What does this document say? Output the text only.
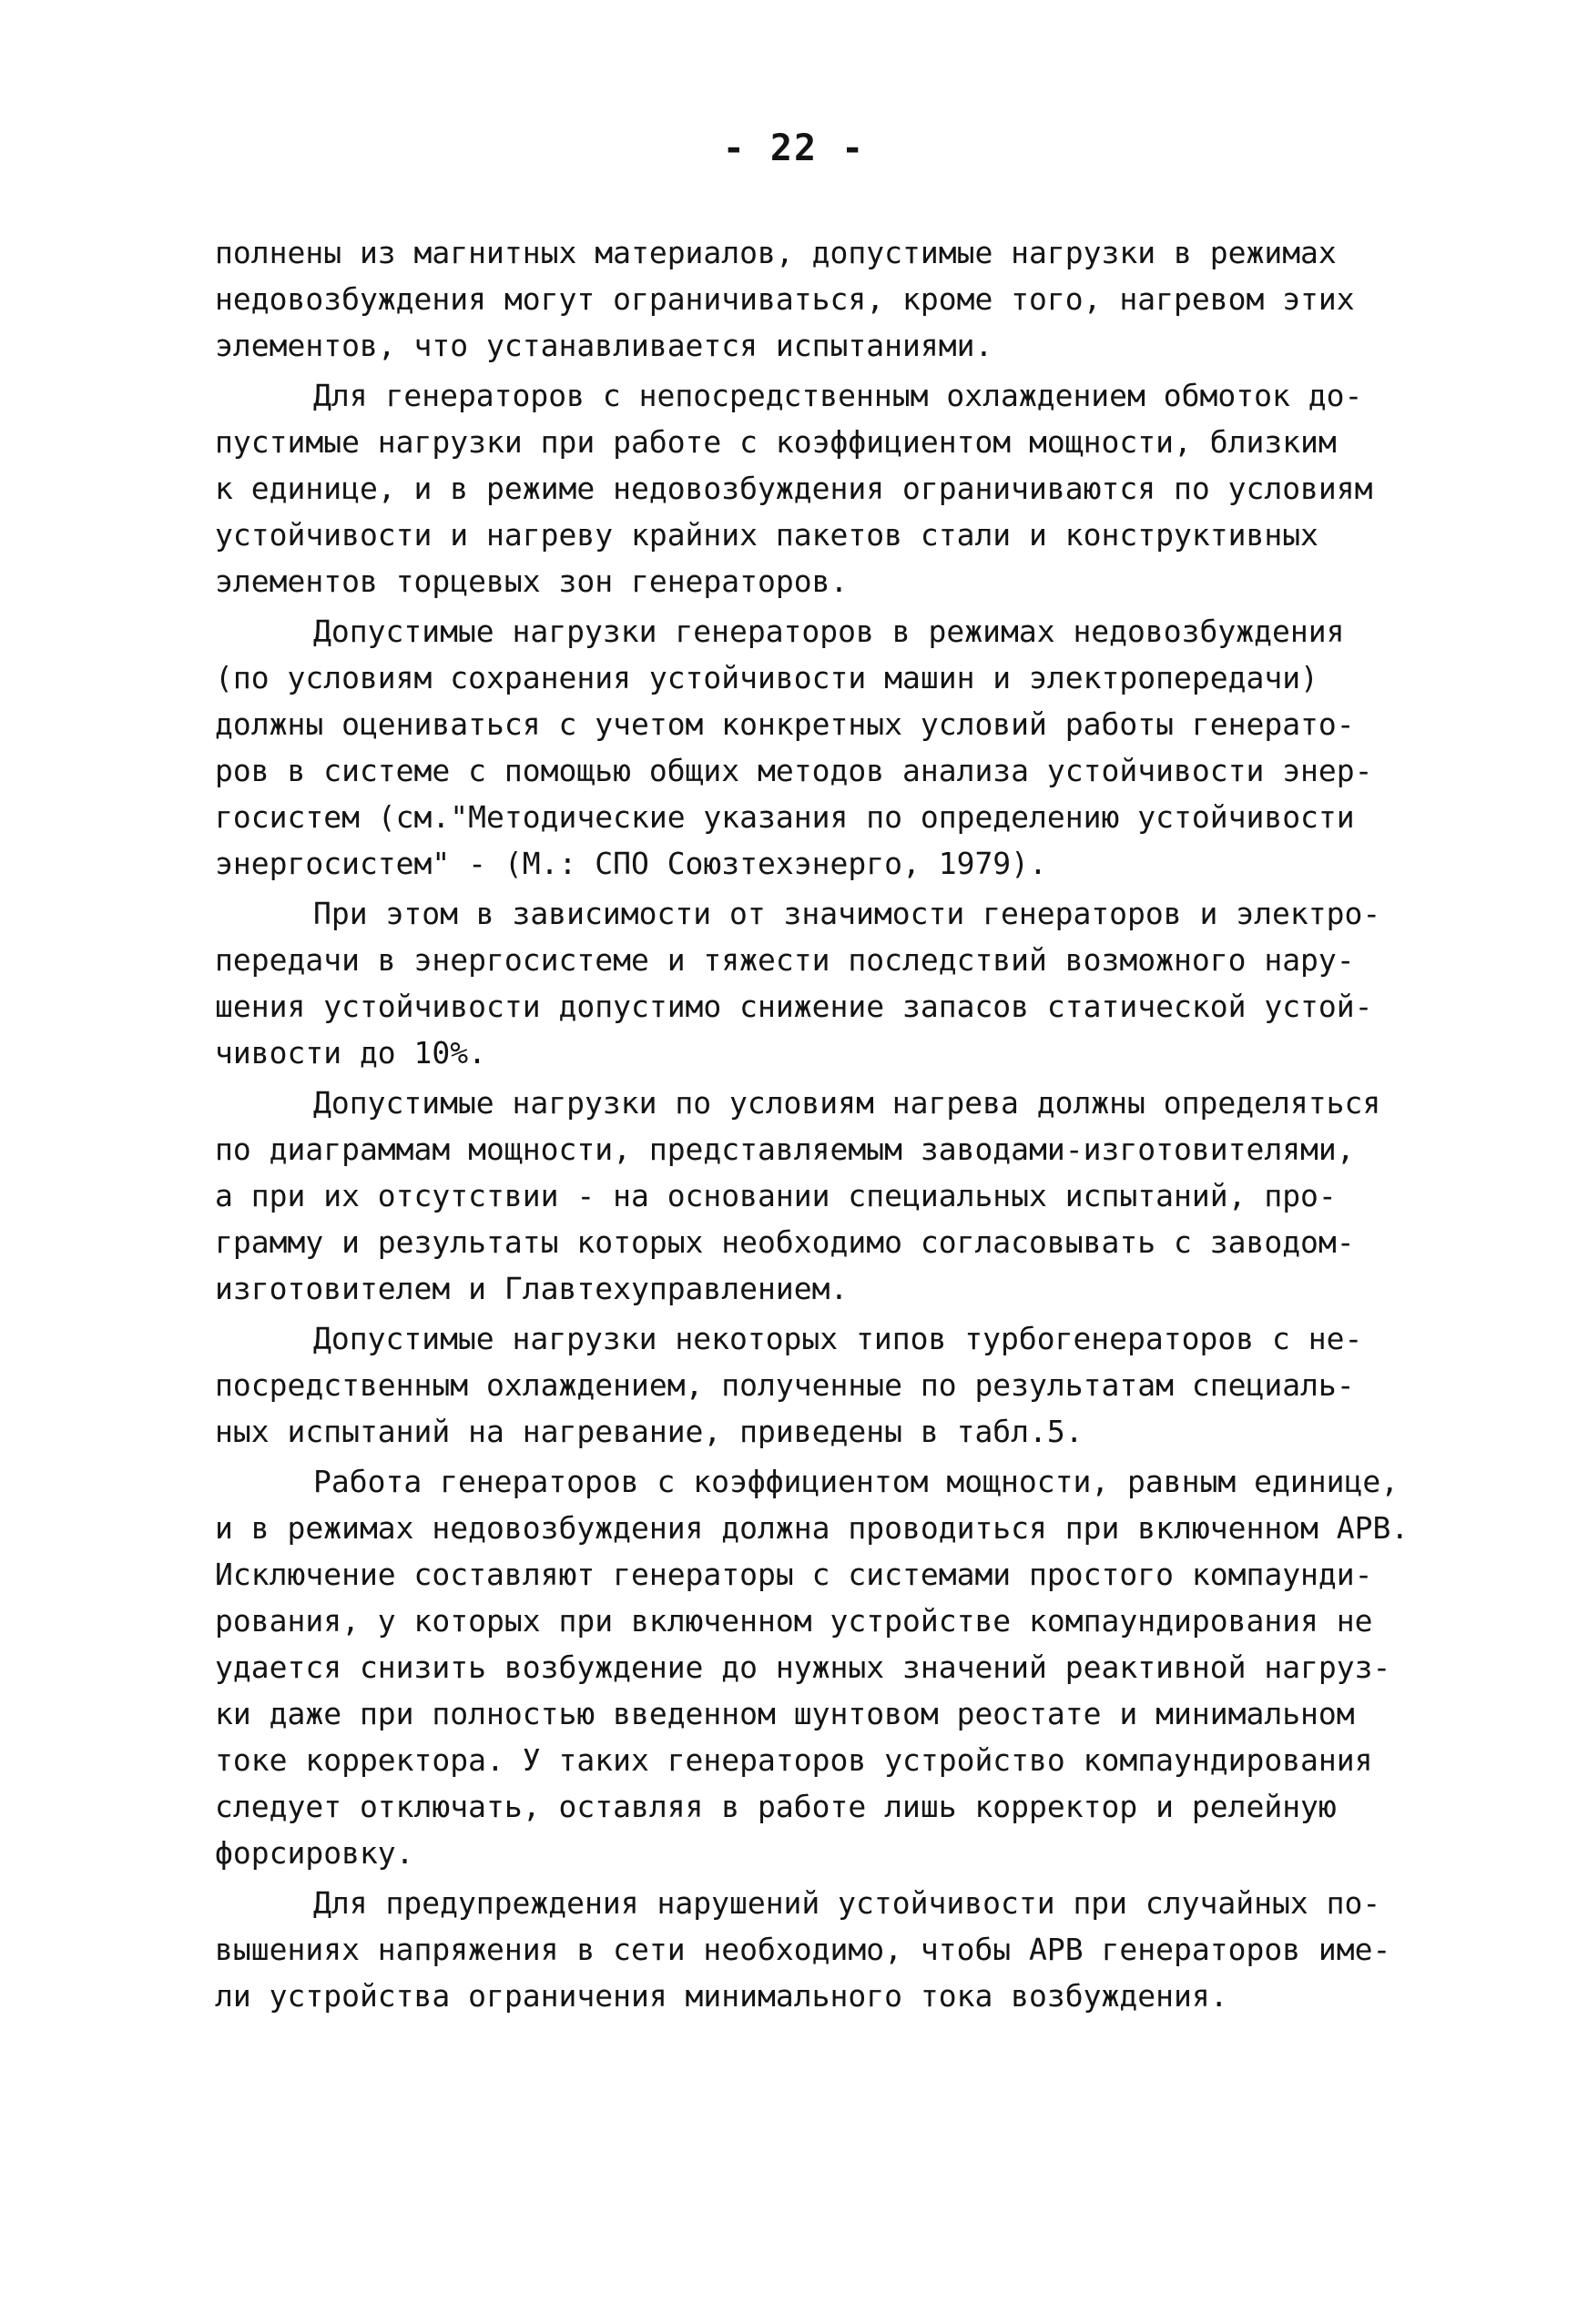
- 22 -
полнены из магнитных материалов, допустимые нагрузки в режимах
недовозбуждения могут ограничиваться, кроме того, нагревом этих
элементов, что устанавливается испытаниями.
Для генераторов с непосредственным охлаждением обмоток до-
пустимые нагрузки при работе с коэффициентом мощности, близким
к единице, и в режиме недовозбуждения ограничиваются по условиям
устойчивости и нагреву крайних пакетов стали и конструктивных
элементов торцевых зон генераторов.
Допустимые нагрузки генераторов в режимах недовозбуждения
(по условиям сохранения устойчивости машин и электропередачи)
должны оцениваться с учетом конкретных условий работы генерато-
ров в системе с помощью общих методов анализа устойчивости энер-
госистем (см."Методические указания по определению устойчивости
энергосистем" - (М.: СПО Союзтехэнерго, 1979).
При этом в зависимости от значимости генераторов и электро-
передачи в энергосистеме и тяжести последствий возможного нару-
шения устойчивости допустимо снижение запасов статической устой-
чивости до 10%.
Допустимые нагрузки по условиям нагрева должны определяться
по диаграммам мощности, представляемым заводами-изготовителями,
а при их отсутствии - на основании специальных испытаний, про-
грамму и результаты которых необходимо согласовывать с заводом-
изготовителем и Главтехуправлением.
Допустимые нагрузки некоторых типов турбогенераторов с не-
посредственным охлаждением, полученные по результатам специаль-
ных испытаний на нагревание, приведены в табл.5.
Работа генераторов с коэффициентом мощности, равным единице,
и в режимах недовозбуждения должна проводиться при включенном АРВ.
Исключение составляют генераторы с системами простого компаунди-
рования, у которых при включенном устройстве компаундирования не
удается снизить возбуждение до нужных значений реактивной нагруз-
ки даже при полностью введенном шунтовом реостате и минимальном
токе корректора. У таких генераторов устройство компаундирования
следует отключать, оставляя в работе лишь корректор и релейную
форсировку.
Для предупреждения нарушений устойчивости при случайных по-
вышениях напряжения в сети необходимо, чтобы АРВ генераторов име-
ли устройства ограничения минимального тока возбуждения.
